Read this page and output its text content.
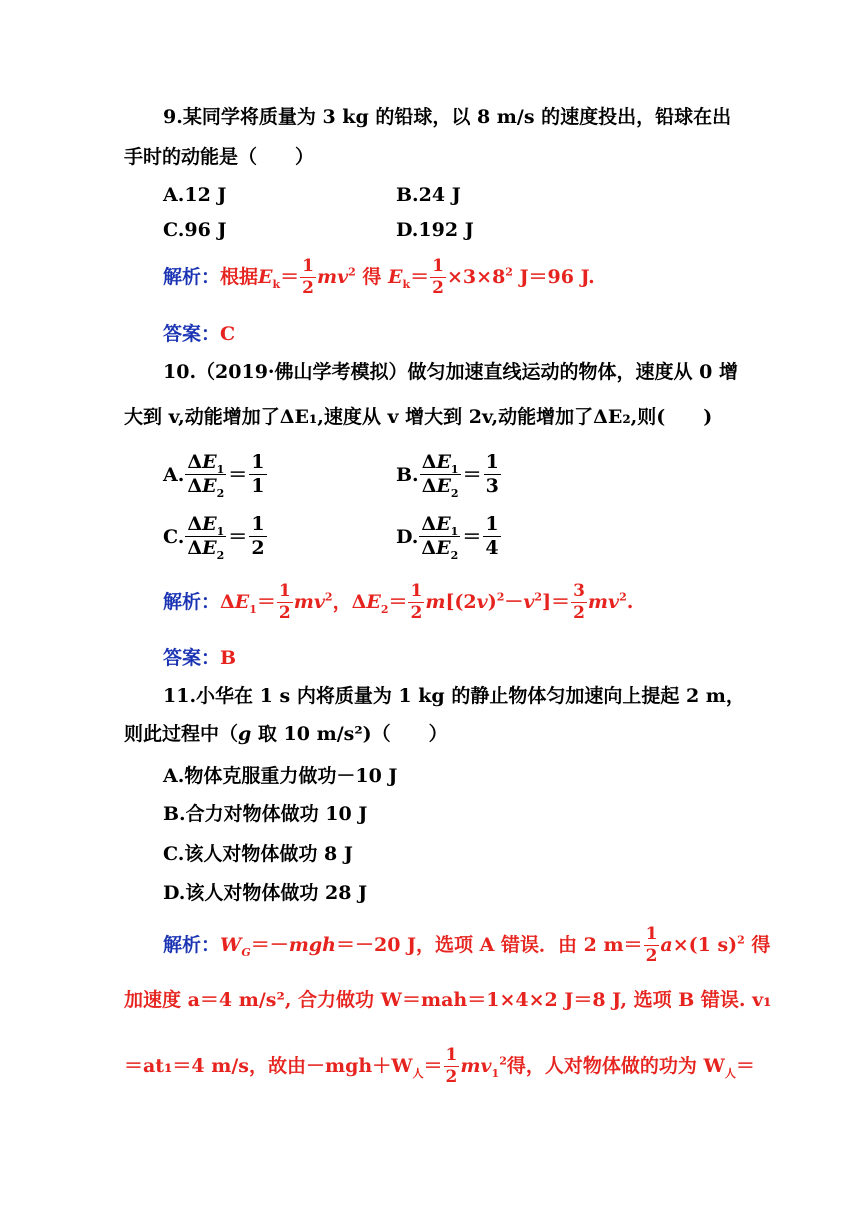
9.某同学将质量为 3 kg 的铅球，以 8 m/s 的速度投出，铅球在出
手时的动能是（　　）
A.12 J	B.24 J
C.96 J	D.192 J
解析：根据$E_k= \frac{1}{2} mv^2$ 得 $E_k= \frac{1}{2} \times 3\times 8^2$ J＝96 J.
答案：C
10.（2019·佛山学考模拟）做匀加速直线运动的物体，速度从 0 增
大到 v,动能增加了ΔE₁,速度从 v 增大到 2v,动能增加了ΔE₂,则(　　)
A. $\frac{\Delta E_1}{\Delta E_2} = \frac{1}{1}$	B. $\frac{\Delta E_1}{\Delta E_2} = \frac{1}{3}$
C. $\frac{\Delta E_1}{\Delta E_2} = \frac{1}{2}$	D. $\frac{\Delta E_1}{\Delta E_2} = \frac{1}{4}$
解析：$\Delta E_1= \frac{1}{2} mv^2$，$\Delta E_2= \frac{1}{2} m[(2v)^2-v^2]= \frac{3}{2} mv^2$.
答案：B
11.小华在 1 s 内将质量为 1 kg 的静止物体匀加速向上提起 2 m，
则此过程中（g 取 10 m/s²)（　　）
A.物体克服重力做功－10 J
B.合力对物体做功 10 J
C.该人对物体做功 8 J
D.该人对物体做功 28 J
解析：$W_G=-mgh=-20$ J，选项 A 错误．由 2 $m= \frac{1}{2} a\times(1$ s)$^2$ 得
加速度 a＝4 m/s², 合力做功 W＝mah＝1×4×2 J＝8 J, 选项 B 错误. v₁
＝at₁＝4 m/s，故由$-mgh+W_人= \frac{1}{2} mv_1^2$得，人对物体做的功为 $W_人=$
